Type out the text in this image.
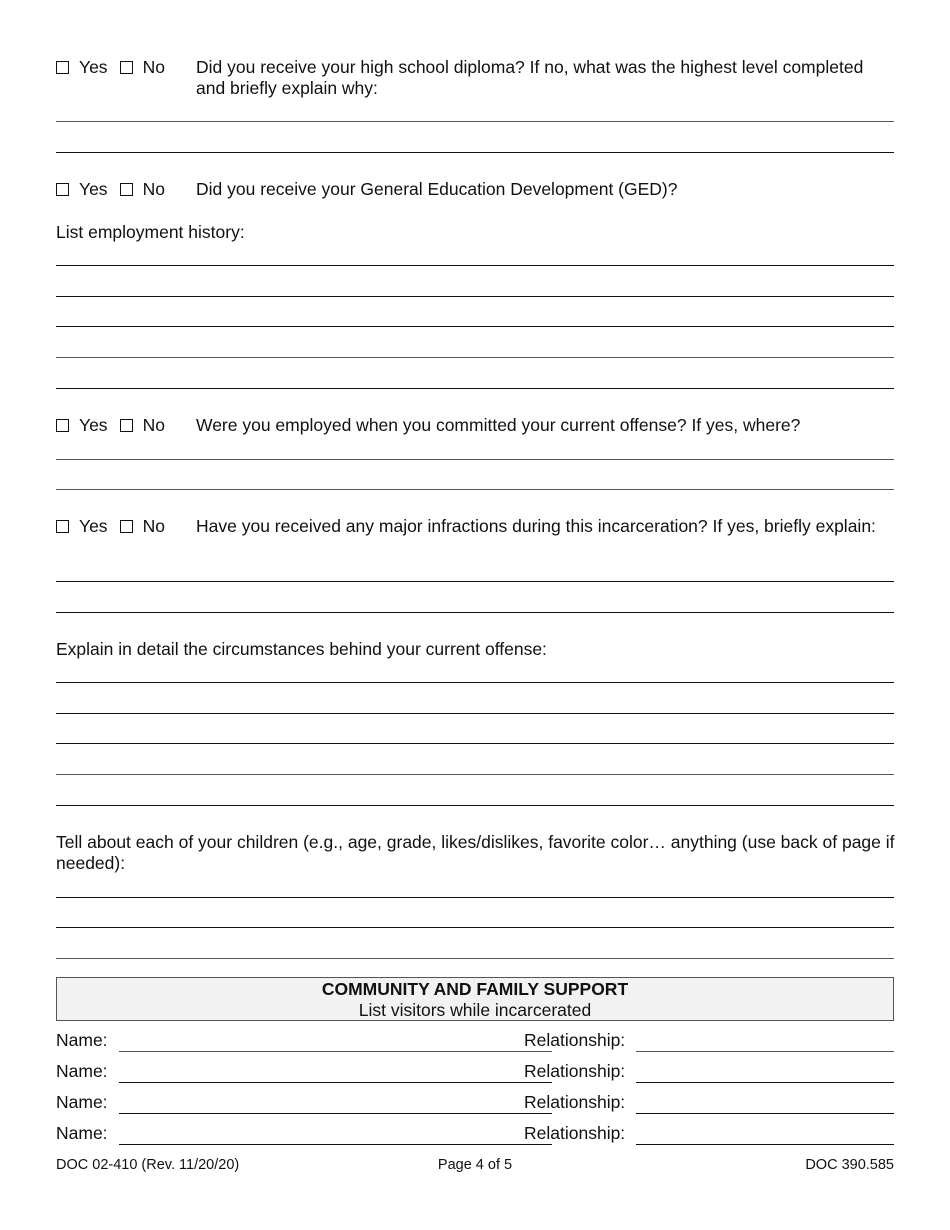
Yes No Did you receive your high school diploma? If no, what was the highest level completed and briefly explain why:
Yes No Did you receive your General Education Development (GED)?
List employment history:
Yes No Were you employed when you committed your current offense? If yes, where?
Yes No Have you received any major infractions during this incarceration? If yes, briefly explain:
Explain in detail the circumstances behind your current offense:
Tell about each of your children (e.g., age, grade, likes/dislikes, favorite color… anything (use back of page if needed):
COMMUNITY AND FAMILY SUPPORT
List visitors while incarcerated
Name:	Relationship:
Name:	Relationship:
Name:	Relationship:
Name:	Relationship:
DOC 02-410 (Rev. 11/20/20)	Page 4 of 5	DOC 390.585
